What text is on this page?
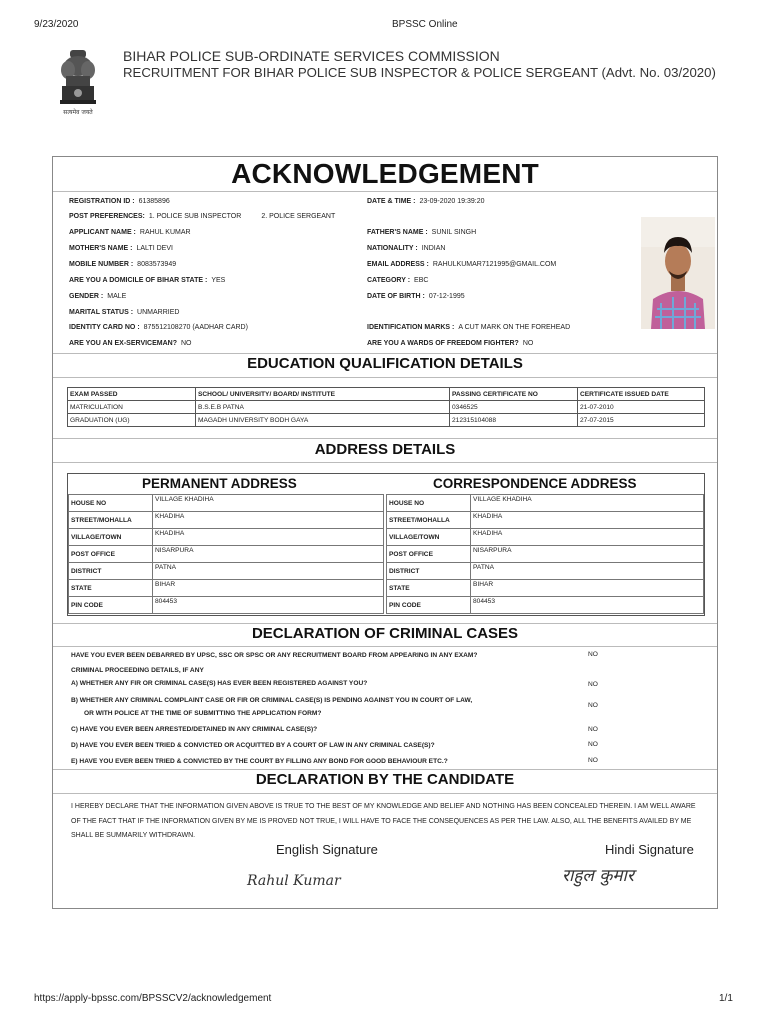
9/23/2020	BPSSC Online
सत्यमेव जयते
BIHAR POLICE SUB-ORDINATE SERVICES COMMISSION
RECRUITMENT FOR BIHAR POLICE SUB INSPECTOR & POLICE SERGEANT (Advt. No. 03/2020)
ACKNOWLEDGEMENT
REGISTRATION ID : 61385896	DATE & TIME : 23-09-2020 19:39:20
POST PREFERENCES: 1. POLICE SUB INSPECTOR	2. POLICE SERGEANT
APPLICANT NAME : RAHUL KUMAR	FATHER'S NAME : SUNIL SINGH
MOTHER'S NAME : LALTI DEVI	NATIONALITY : INDIAN
MOBILE NUMBER : 8083573949	EMAIL ADDRESS : RAHULKUMAR7121995@GMAIL.COM
ARE YOU A DOMICILE OF BIHAR STATE : YES	CATEGORY : EBC
GENDER : MALE	DATE OF BIRTH : 07-12-1995
MARITAL STATUS : UNMARRIED
IDENTITY CARD NO : 875512108270 (AADHAR CARD)	IDENTIFICATION MARKS : A CUT MARK ON THE FOREHEAD
ARE YOU AN EX-SERVICEMAN? NO	ARE YOU A WARDS OF FREEDOM FIGHTER? NO
EDUCATION QUALIFICATION DETAILS
EXAM PASSED	SCHOOL/ UNIVERSITY/ BOARD/ INSTITUTE	PASSING CERTIFICATE NO	CERTIFICATE ISSUED DATE
MATRICULATION	B.S.E.B PATNA	0346525	21-07-2010
GRADUATION (UG)	MAGADH UNIVERSITY BODH GAYA	212315104088	27-07-2015
ADDRESS DETAILS
PERMANENT ADDRESS	CORRESPONDENCE ADDRESS
HOUSE NO	VILLAGE KHADIHA
STREET/MOHALLA	KHADIHA
VILLAGE/TOWN	KHADIHA
POST OFFICE	NISARPURA
DISTRICT	PATNA
STATE	BIHAR
PIN CODE	804453
HOUSE NO	VILLAGE KHADIHA
STREET/MOHALLA	KHADIHA
VILLAGE/TOWN	KHADIHA
POST OFFICE	NISARPURA
DISTRICT	PATNA
STATE	BIHAR
PIN CODE	804453
DECLARATION OF CRIMINAL CASES
HAVE YOU EVER BEEN DEBARRED BY UPSC, SSC OR SPSC OR ANY RECRUITMENT BOARD FROM APPEARING IN ANY EXAM?	NO
CRIMINAL PROCEEDING DETAILS, IF ANY
A) WHETHER ANY FIR OR CRIMINAL CASE(S) HAS EVER BEEN REGISTERED AGAINST YOU?	NO
B) WHETHER ANY CRIMINAL COMPLAINT CASE OR FIR OR CRIMINAL CASE(S) IS PENDING AGAINST YOU IN COURT OF LAW,
OR WITH POLICE AT THE TIME OF SUBMITTING THE APPLICATION FORM?
NO
C) HAVE YOU EVER BEEN ARRESTED/DETAINED IN ANY CRIMINAL CASE(S)?	NO
D) HAVE YOU EVER BEEN TRIED & CONVICTED OR ACQUITTED BY A COURT OF LAW IN ANY CRIMINAL CASE(S)?	NO
E) HAVE YOU EVER BEEN TRIED & CONVICTED BY THE COURT BY FILLING ANY BOND FOR GOOD BEHAVIOUR ETC.?	NO
DECLARATION BY THE CANDIDATE
I HEREBY DECLARE THAT THE INFORMATION GIVEN ABOVE IS TRUE TO THE BEST OF MY KNOWLEDGE AND BELIEF AND NOTHING HAS BEEN CONCEALED THEREIN. I AM WELL AWARE OF THE FACT THAT IF THE INFORMATION GIVEN BY ME IS PROVED NOT TRUE, I WILL HAVE TO FACE THE CONSEQUENCES AS PER THE LAW. ALSO, ALL THE BENEFITS AVAILED BY ME SHALL BE SUMMARILY WITHDRAWN.
English Signature	Hindi Signature
Rahul Kumar	राहुल कुमार
https://apply-bpssc.com/BPSSCV2/acknowledgement	1/1
